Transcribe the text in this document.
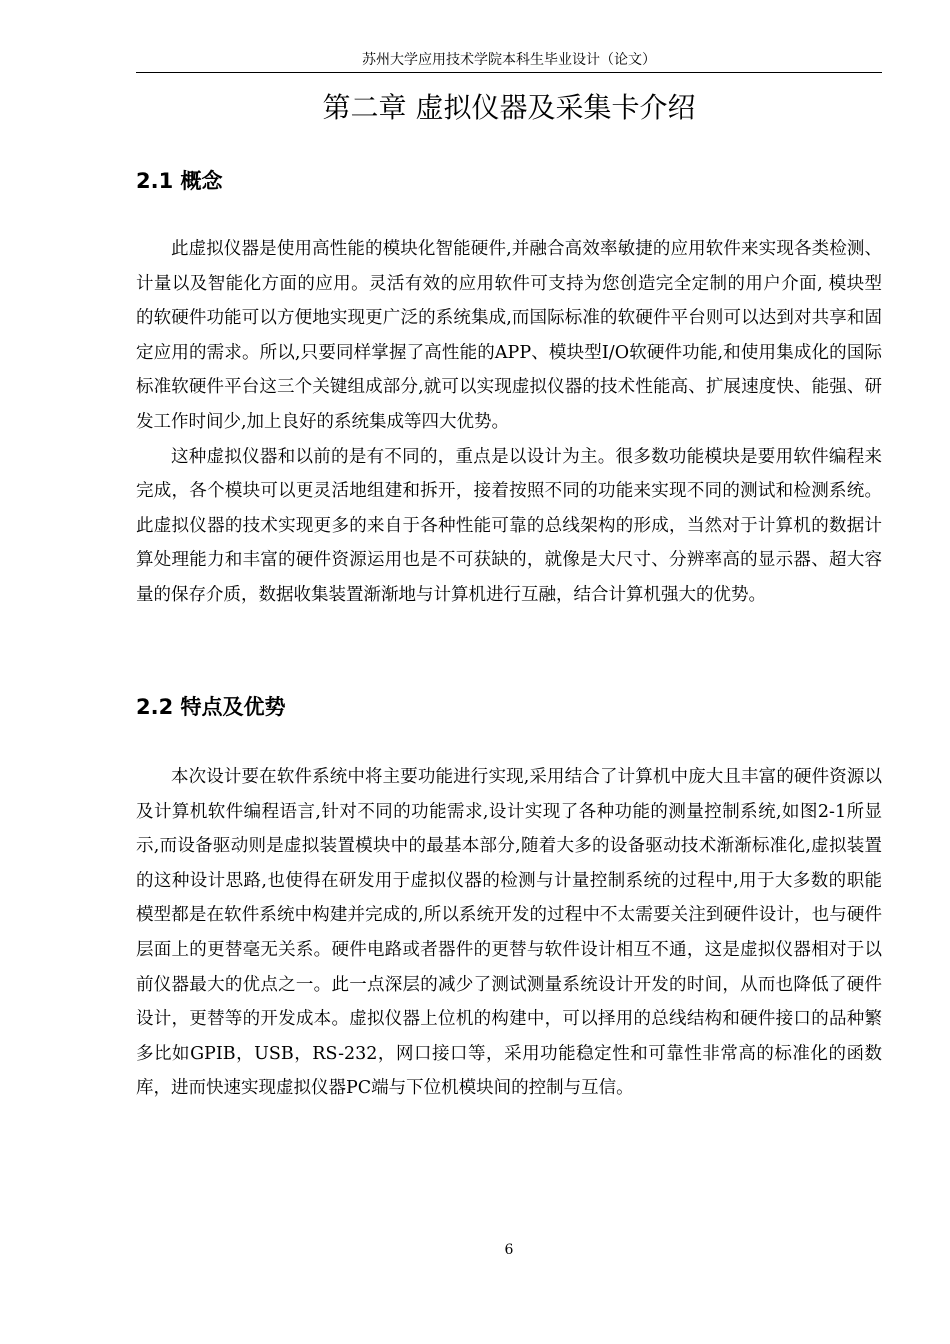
苏州大学应用技术学院本科生毕业设计（论文）
第二章 虚拟仪器及采集卡介绍
2.1 概念

此虚拟仪器是使用高性能的模块化智能硬件,并融合高效率敏捷的应用软件来实现各类检测、计量以及智能化方面的应用。灵活有效的应用软件可支持为您创造完全定制的用户介面, 模块型的软硬件功能可以方便地实现更广泛的系统集成,而国际标准的软硬件平台则可以达到对共享和固定应用的需求。所以,只要同样掌握了高性能的APP、模块型I/O软硬件功能,和使用集成化的国际标准软硬件平台这三个关键组成部分,就可以实现虚拟仪器的技术性能高、扩展速度快、能强、研发工作时间少,加上良好的系统集成等四大优势。

这种虚拟仪器和以前的是有不同的，重点是以设计为主。很多数功能模块是要用软件编程来完成，各个模块可以更灵活地组建和拆开，接着按照不同的功能来实现不同的测试和检测系统。此虚拟仪器的技术实现更多的来自于各种性能可靠的总线架构的形成，当然对于计算机的数据计算处理能力和丰富的硬件资源运用也是不可获缺的，就像是大尺寸、分辨率高的显示器、超大容量的保存介质，数据收集装置渐渐地与计算机进行互融，结合计算机强大的优势。

2.2 特点及优势

本次设计要在软件系统中将主要功能进行实现,采用结合了计算机中庞大且丰富的硬件资源以及计算机软件编程语言,针对不同的功能需求,设计实现了各种功能的测量控制系统,如图2-1所显示,而设备驱动则是虚拟装置模块中的最基本部分,随着大多的设备驱动技术渐渐标准化,虚拟装置的这种设计思路,也使得在研发用于虚拟仪器的检测与计量控制系统的过程中,用于大多数的职能模型都是在软件系统中构建并完成的,所以系统开发的过程中不太需要关注到硬件设计，也与硬件层面上的更替毫无关系。硬件电路或者器件的更替与软件设计相互不通，这是虚拟仪器相对于以前仪器最大的优点之一。此一点深层的减少了测试测量系统设计开发的时间，从而也降低了硬件设计，更替等的开发成本。虚拟仪器上位机的构建中，可以择用的总线结构和硬件接口的品种繁多比如GPIB，USB，RS-232，网口接口等，采用功能稳定性和可靠性非常高的标准化的函数库，进而快速实现虚拟仪器PC端与下位机模块间的控制与互信。

6
